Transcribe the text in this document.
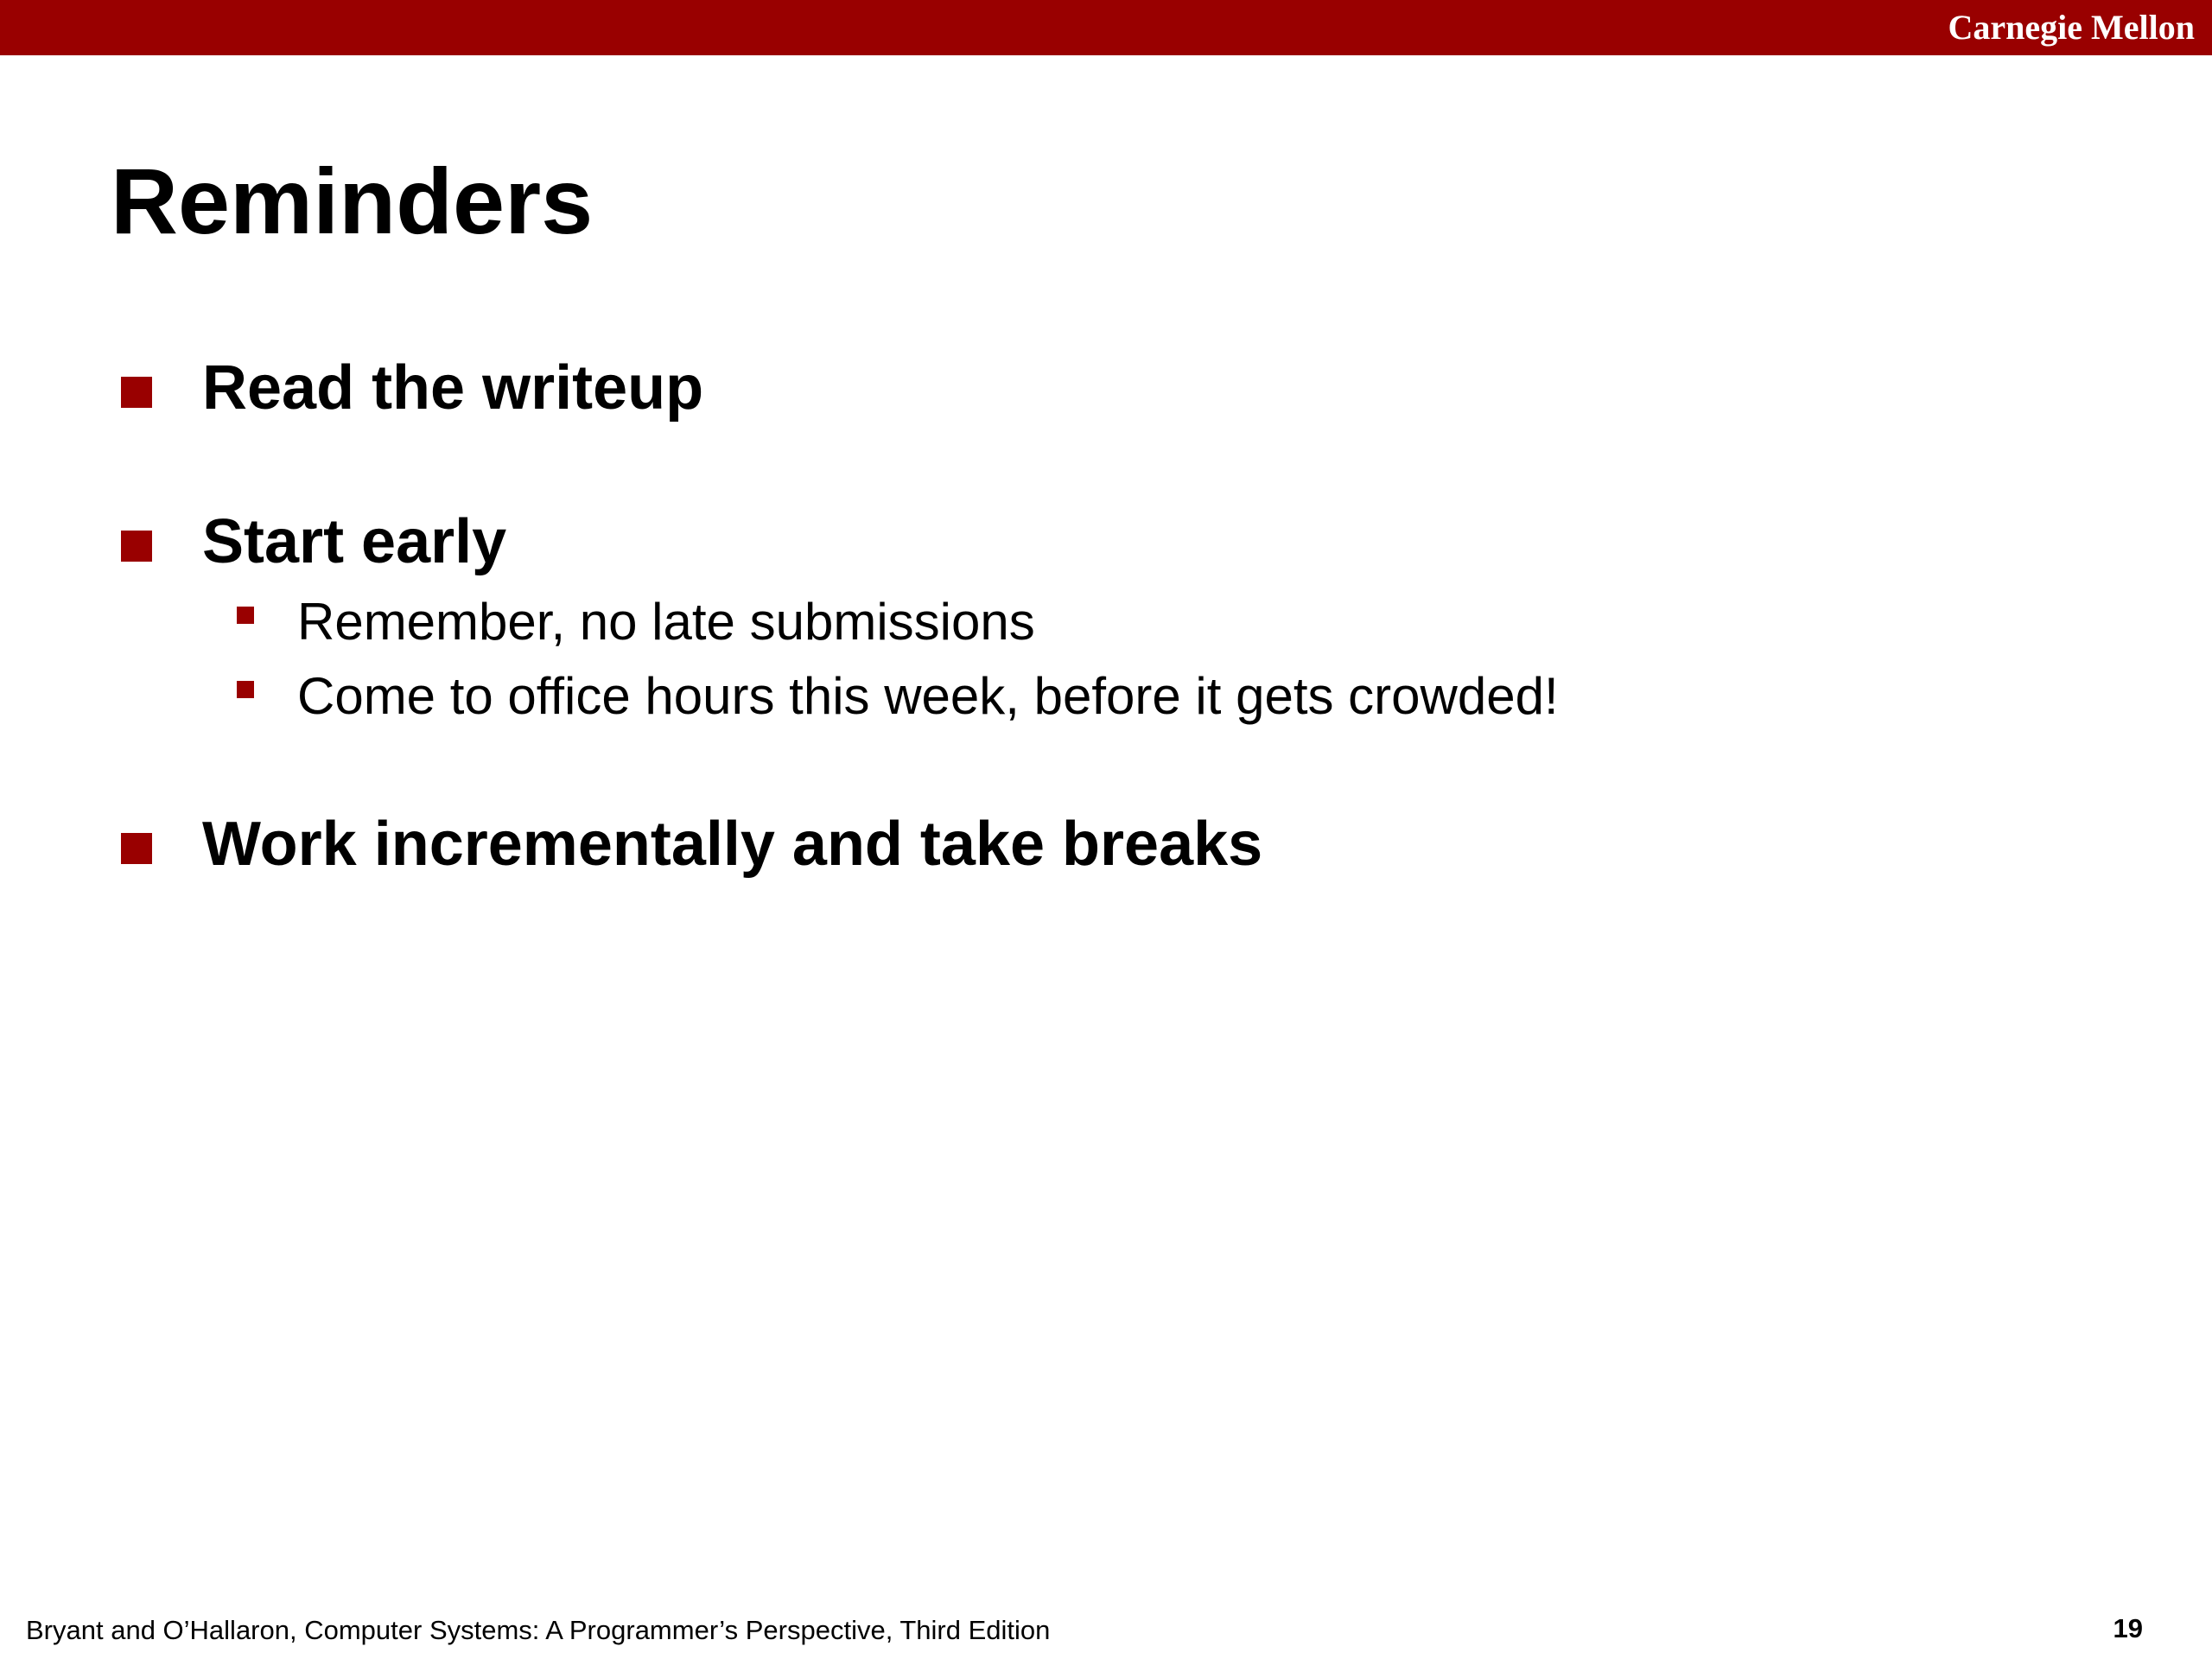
Carnegie Mellon
Reminders
Read the writeup
Start early
Remember, no late submissions
Come to office hours this week, before it gets crowded!
Work incrementally and take breaks
Bryant and O’Hallaron, Computer Systems: A Programmer’s Perspective, Third Edition	19
